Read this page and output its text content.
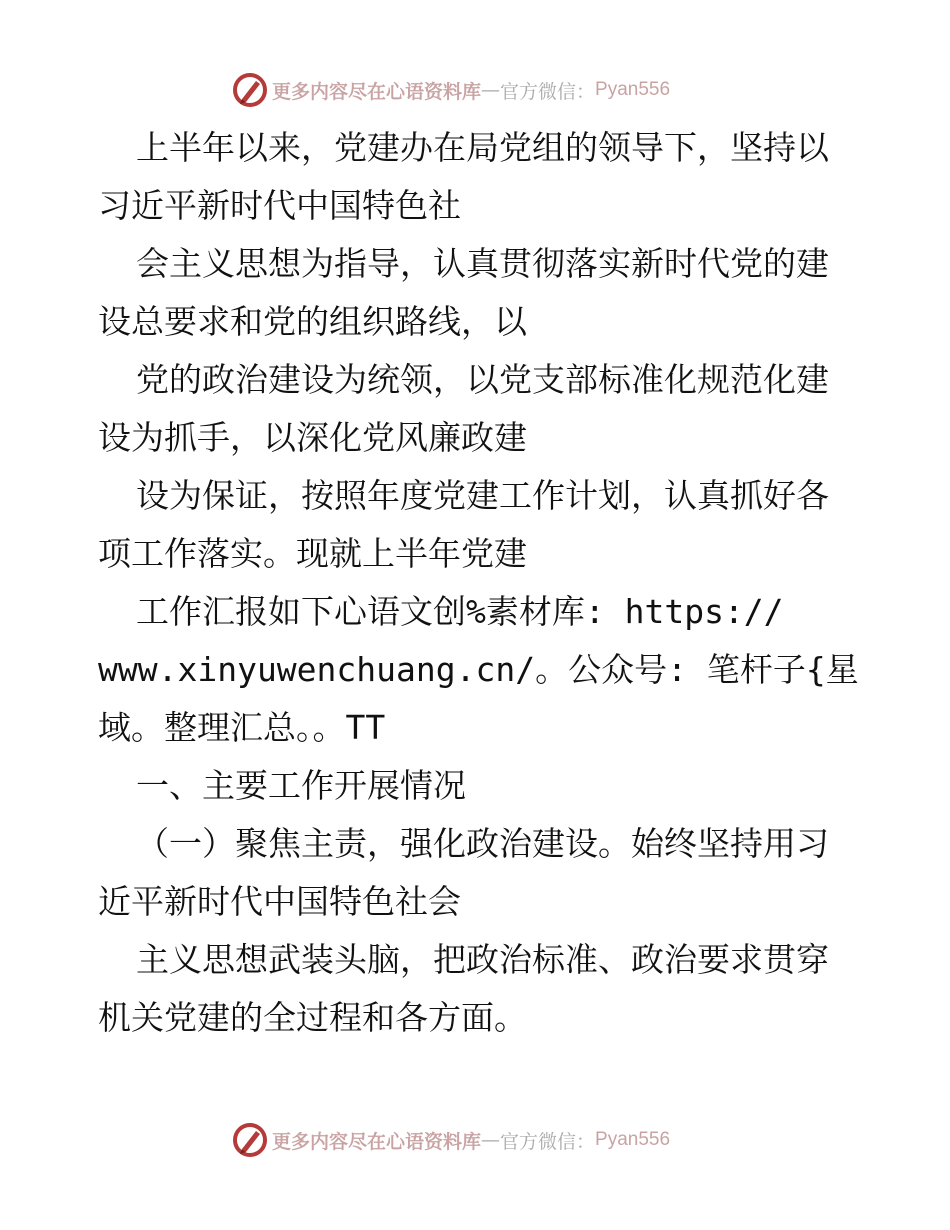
更多内容尽在心语资料库 — 官方微信： Pyan556
上半年以来，党建办在局党组的领导下，坚持以
习近平新时代中国特色社
会主义思想为指导，认真贯彻落实新时代党的建
设总要求和党的组织路线，以
党的政治建设为统领，以党支部标准化规范化建
设为抓手，以深化党风廉政建
设为保证，按照年度党建工作计划，认真抓好各
项工作落实。现就上半年党建
工作汇报如下心语文创%素材库: https://
www.xinyuwenchuang.cn/。公众号: 笔杆子{星
域。整理汇总。。TT
一、主要工作开展情况
（一）聚焦主责，强化政治建设。始终坚持用习
近平新时代中国特色社会
主义思想武装头脑，把政治标准、政治要求贯穿
机关党建的全过程和各方面。
更多内容尽在心语资料库 — 官方微信： Pyan556
